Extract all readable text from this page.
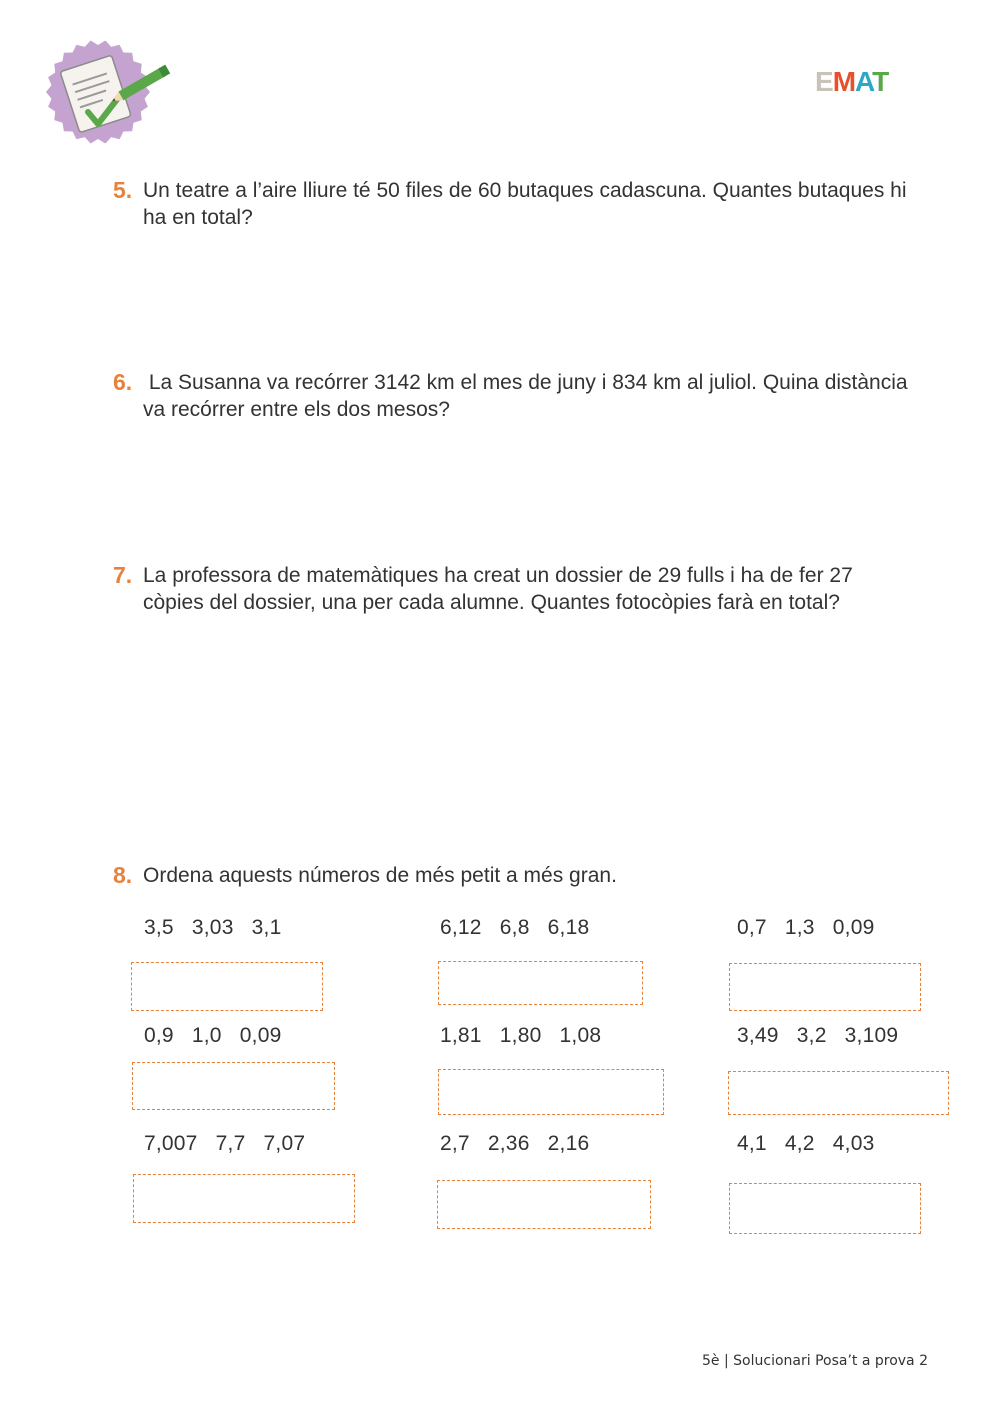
EMAT
5. Un teatre a l’aire lliure té 50 files de 60 butaques cadascuna. Quantes butaques hi ha en total?
6. La Susanna va recórrer 3142 km el mes de juny i 834 km al juliol. Quina distància va recórrer entre els dos mesos?
7. La professora de matemàtiques ha creat un dossier de 29 fulls i ha de fer 27 còpies del dossier, una per cada alumne. Quantes fotocòpies farà en total?
8. Ordena aquests números de més petit a més gran.
3,5   3,03   3,1	6,12   6,8   6,18	0,7   1,3   0,09
0,9   1,0   0,09	1,81   1,80   1,08	3,49   3,2   3,109
7,007   7,7   7,07	2,7   2,36   2,16	4,1   4,2   4,03
5è | Solucionari Posa’t a prova 2
